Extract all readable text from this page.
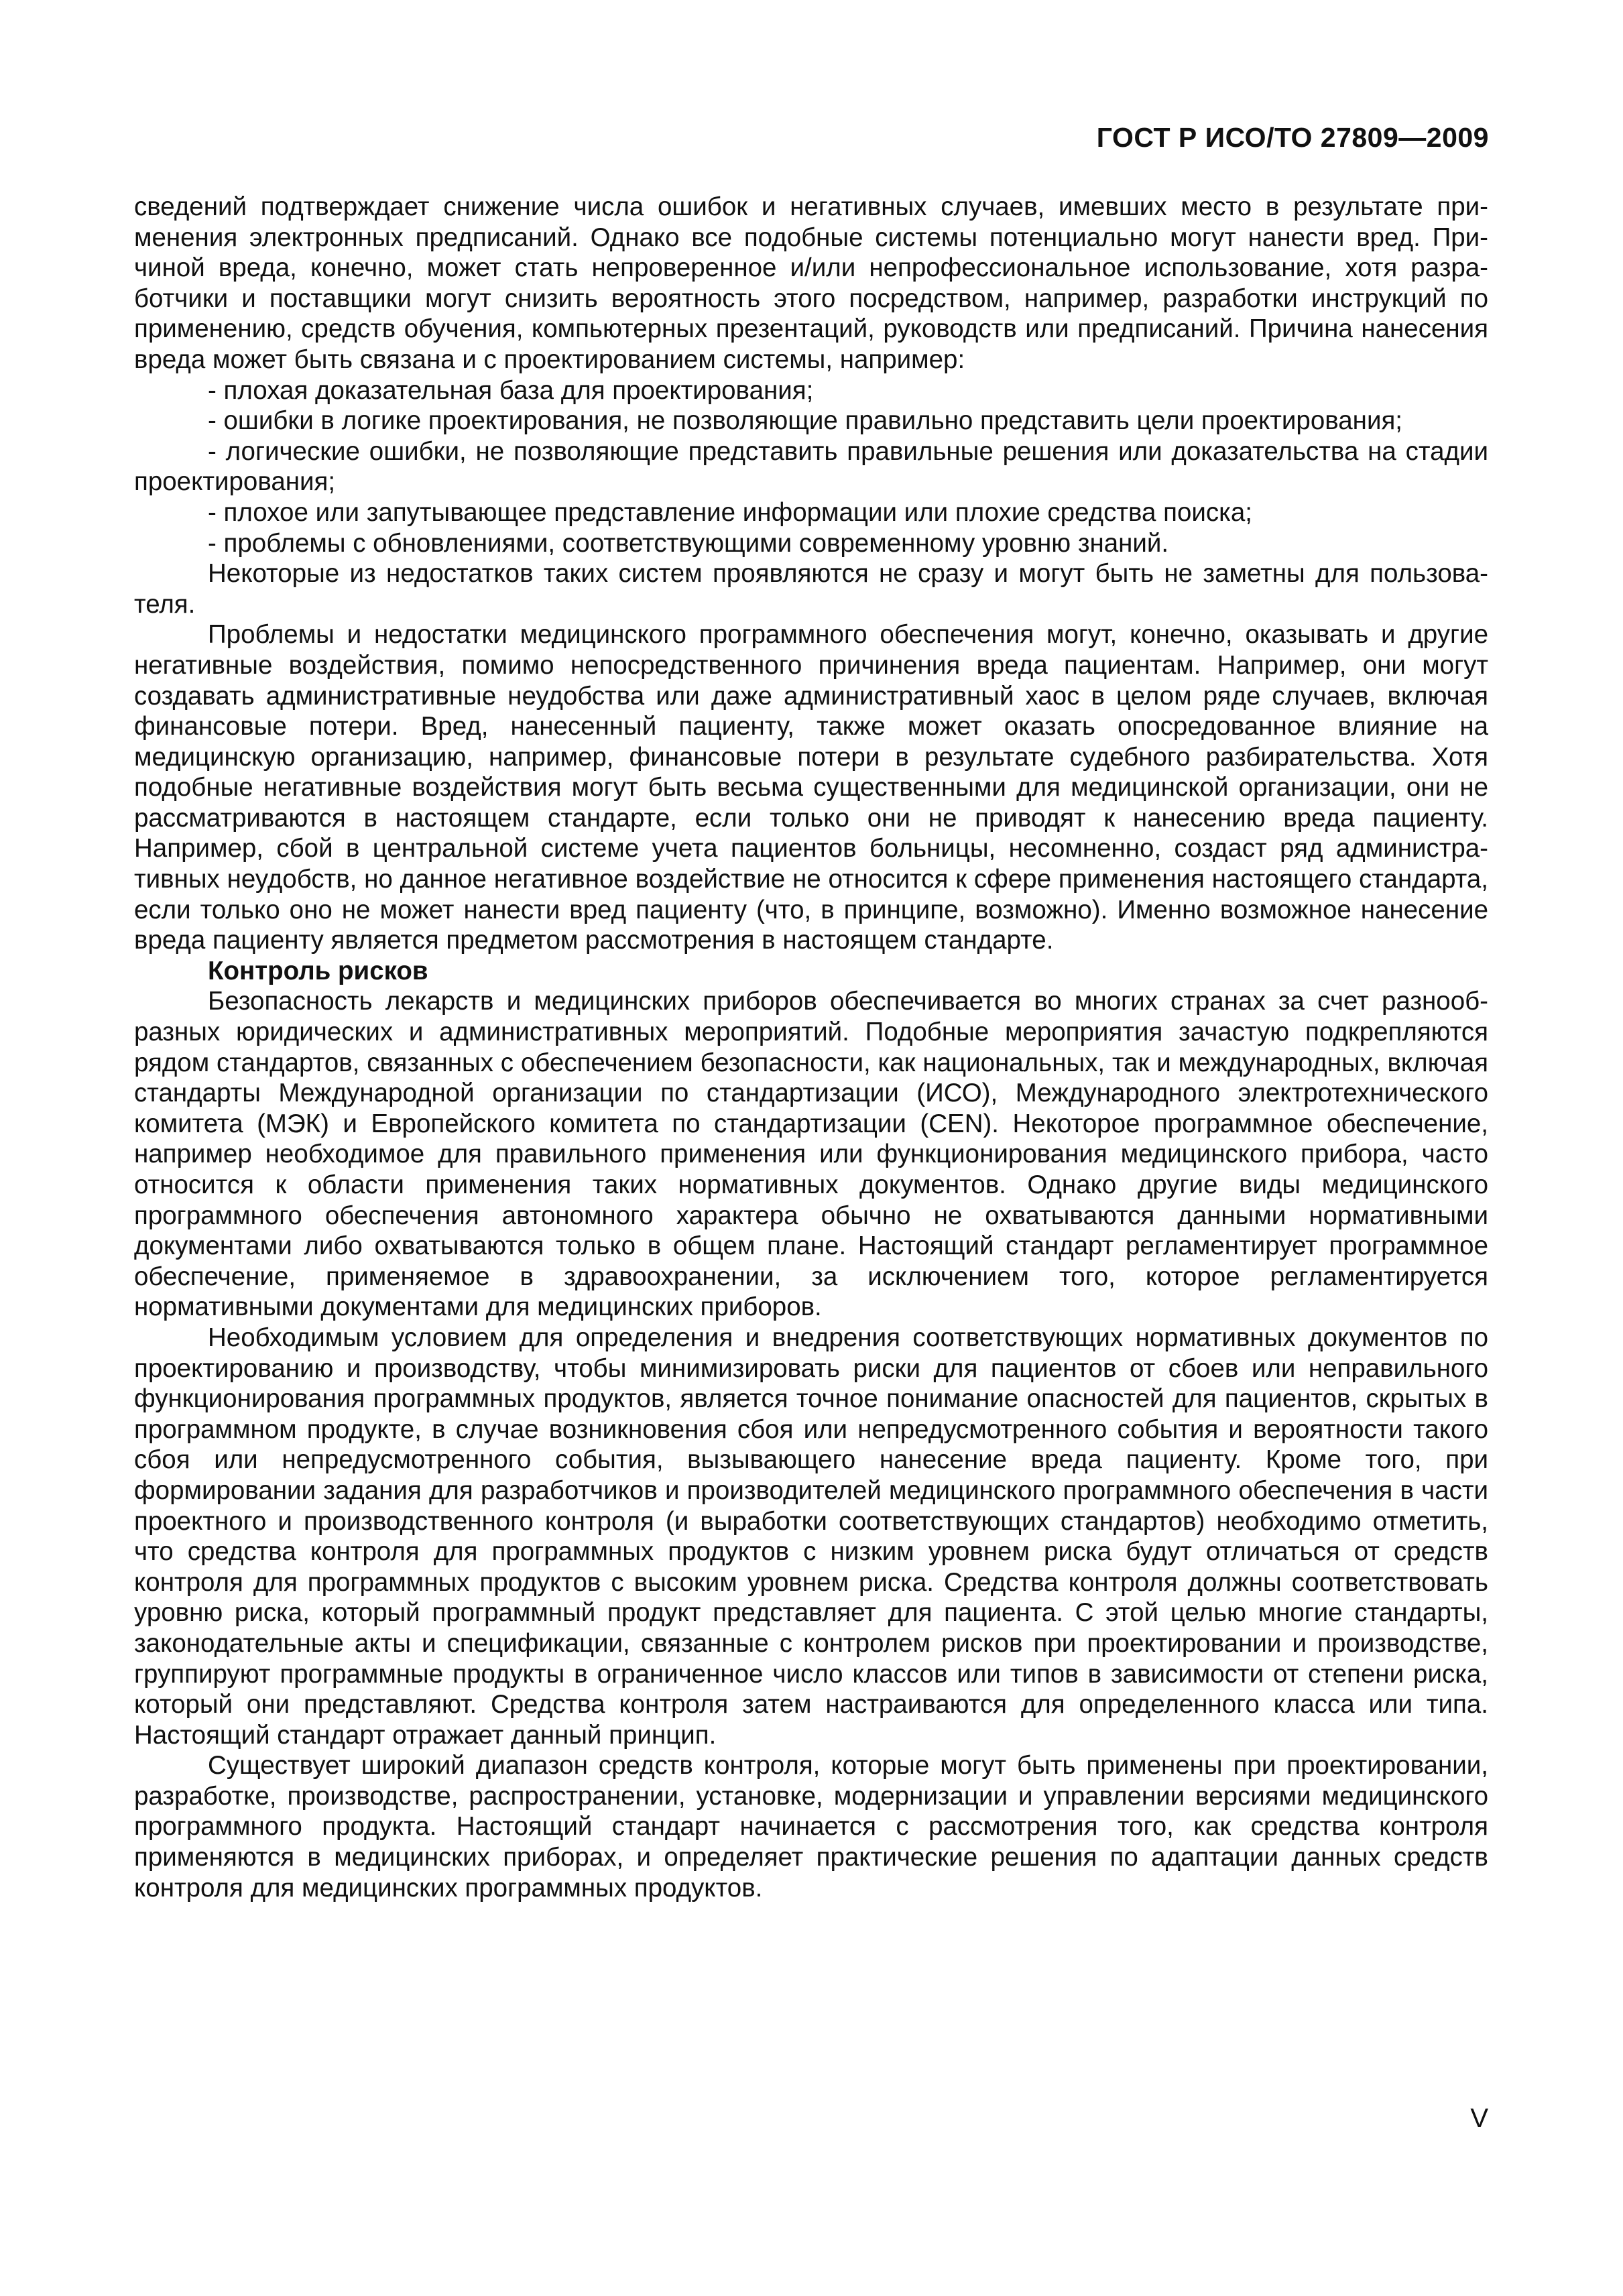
ГОСТ Р ИСО/ТО 27809—2009

сведений подтверждает снижение числа ошибок и негативных случаев, имевших место в результате применения электронных предписаний. Однако все подобные системы потенциально могут нанести вред. Причиной вреда, конечно, может стать непроверенное и/или непрофессиональное использование, хотя разработчики и поставщики могут снизить вероятность этого посредством, например, разработки инструкций по применению, средств обучения, компьютерных презентаций, руководств или предписаний. Причина нанесения вреда может быть связана и с проектированием системы, например:

- плохая доказательная база для проектирования;

- ошибки в логике проектирования, не позволяющие правильно представить цели проектирования;

- логические ошибки, не позволяющие представить правильные решения или доказательства на стадии проектирования;

- плохое или запутывающее представление информации или плохие средства поиска;

- проблемы с обновлениями, соответствующими современному уровню знаний.

Некоторые из недостатков таких систем проявляются не сразу и могут быть не заметны для пользователя.

Проблемы и недостатки медицинского программного обеспечения могут, конечно, оказывать и другие негативные воздействия, помимо непосредственного причинения вреда пациентам. Например, они могут создавать административные неудобства или даже административный хаос в целом ряде случаев, включая финансовые потери. Вред, нанесенный пациенту, также может оказать опосредованное влияние на медицинскую организацию, например, финансовые потери в результате судебного разбирательства. Хотя подобные негативные воздействия могут быть весьма существенными для медицинской организации, они не рассматриваются в настоящем стандарте, если только они не приводят к нанесению вреда пациенту. Например, сбой в центральной системе учета пациентов больницы, несомненно, создаст ряд административных неудобств, но данное негативное воздействие не относится к сфере применения настоящего стандарта, если только оно не может нанести вред пациенту (что, в принципе, возможно). Именно возможное нанесение вреда пациенту является предметом рассмотрения в настоящем стандарте.

Контроль рисков

Безопасность лекарств и медицинских приборов обеспечивается во многих странах за счет разнообразных юридических и административных мероприятий. Подобные мероприятия зачастую подкрепляются рядом стандартов, связанных с обеспечением безопасности, как национальных, так и международных, включая стандарты Международной организации по стандартизации (ИСО), Международного электротехнического комитета (МЭК) и Европейского комитета по стандартизации (CEN). Некоторое программное обеспечение, например необходимое для правильного применения или функционирования медицинского прибора, часто относится к области применения таких нормативных документов. Однако другие виды медицинского программного обеспечения автономного характера обычно не охватываются данными нормативными документами либо охватываются только в общем плане. Настоящий стандарт регламентирует программное обеспечение, применяемое в здравоохранении, за исключением того, которое регламентируется нормативными документами для медицинских приборов.

Необходимым условием для определения и внедрения соответствующих нормативных документов по проектированию и производству, чтобы минимизировать риски для пациентов от сбоев или неправильного функционирования программных продуктов, является точное понимание опасностей для пациентов, скрытых в программном продукте, в случае возникновения сбоя или непредусмотренного события и вероятности такого сбоя или непредусмотренного события, вызывающего нанесение вреда пациенту. Кроме того, при формировании задания для разработчиков и производителей медицинского программного обеспечения в части проектного и производственного контроля (и выработки соответствующих стандартов) необходимо отметить, что средства контроля для программных продуктов с низким уровнем риска будут отличаться от средств контроля для программных продуктов с высоким уровнем риска. Средства контроля должны соответствовать уровню риска, который программный продукт представляет для пациента. С этой целью многие стандарты, законодательные акты и спецификации, связанные с контролем рисков при проектировании и производстве, группируют программные продукты в ограниченное число классов или типов в зависимости от степени риска, который они представляют. Средства контроля затем настраиваются для определенного класса или типа. Настоящий стандарт отражает данный принцип.

Существует широкий диапазон средств контроля, которые могут быть применены при проектировании, разработке, производстве, распространении, установке, модернизации и управлении версиями медицинского программного продукта. Настоящий стандарт начинается с рассмотрения того, как средства контроля применяются в медицинских приборах, и определяет практические решения по адаптации данных средств контроля для медицинских программных продуктов.

V
